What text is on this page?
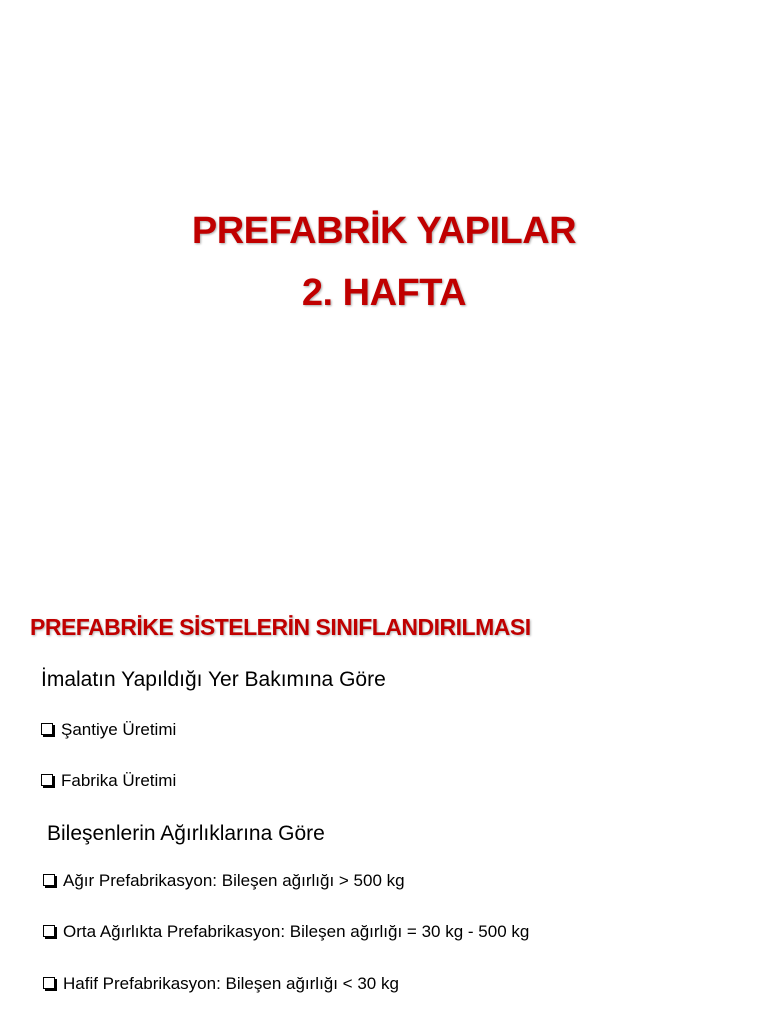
PREFABRİK YAPILAR
2. HAFTA
PREFABRİKE SİSTELERİN SINIFLANDIRILMASI
İmalatın Yapıldığı Yer Bakımına Göre
Şantiye Üretimi
Fabrika Üretimi
Bileşenlerin Ağırlıklarına Göre
Ağır Prefabrikasyon: Bileşen ağırlığı > 500 kg
Orta Ağırlıkta Prefabrikasyon: Bileşen ağırlığı = 30 kg - 500 kg
Hafif Prefabrikasyon: Bileşen ağırlığı < 30 kg
